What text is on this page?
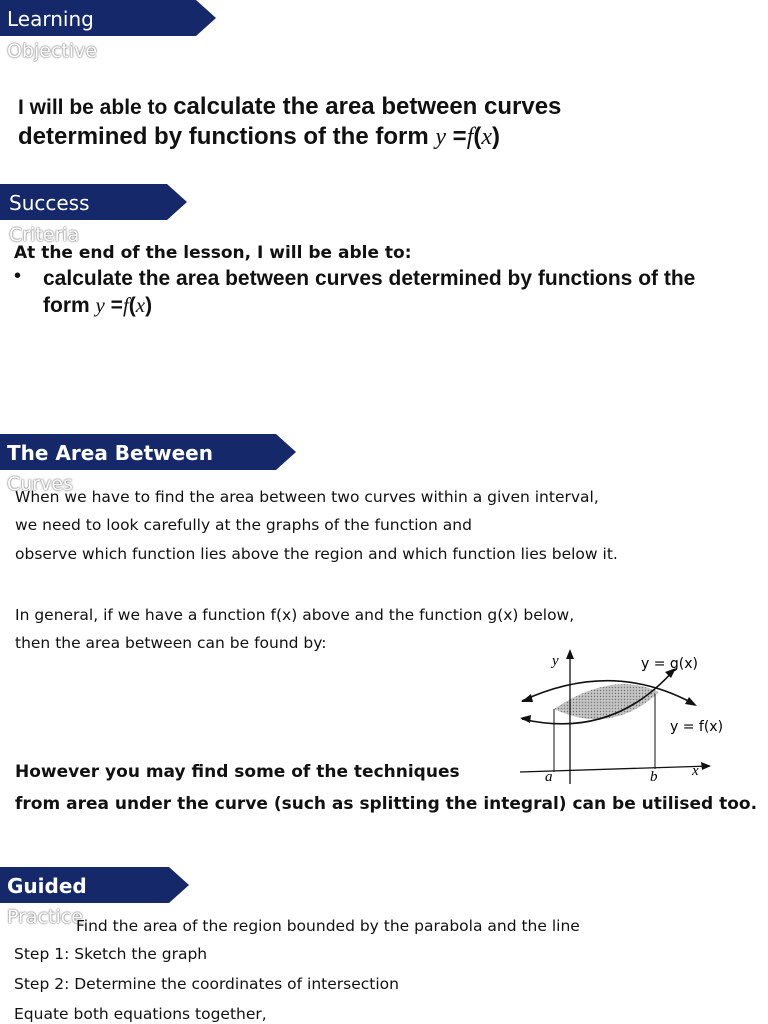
Learning
Objective
I will be able to calculate the area between curves
determined by functions of the form y =f(x)
Success
Criteria
At the end of the lesson, I will be able to:
• calculate the area between curves determined by functions of the
form y =f(x)
The Area Between
Curves
When we have to find the area between two curves within a given interval,
we need to look carefully at the graphs of the function and
observe which function lies above the region and which function lies below it.
In general, if we have a function f(x) above and the function g(x) below,
then the area between can be found by:
However you may find some of the techniques
from area under the curve (such as splitting the integral) can be utilised too.
y	y = g(x)
y = f(x)
a	b x
Guided
Practice
Find the area of the region bounded by the parabola and the line
Step 1: Sketch the graph
Step 2: Determine the coordinates of intersection
Equate both equations together,
